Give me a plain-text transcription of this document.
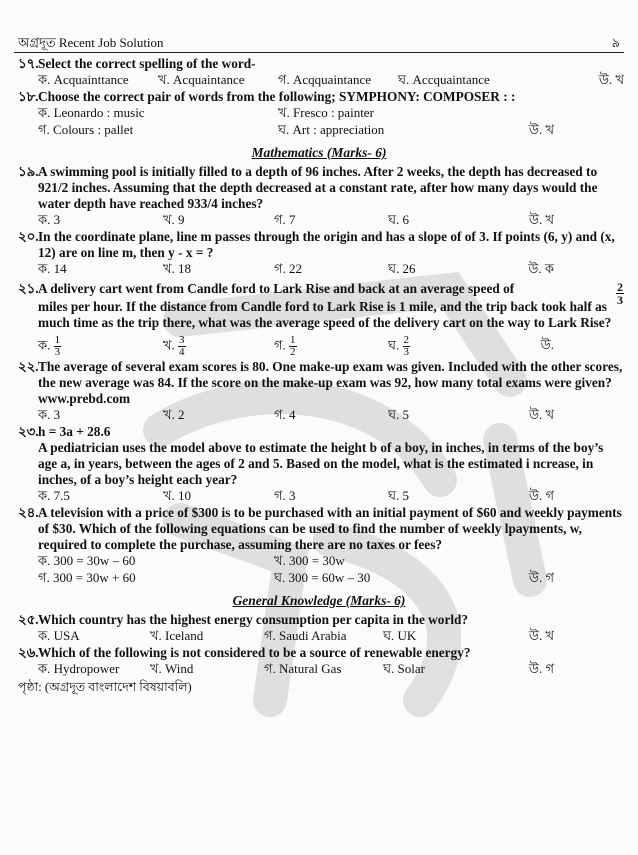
অগ্রদূত Recent Job Solution	৯
১৭. Select the correct spelling of the word-
ক. Acquainttance খ. Acquaintance	গ. Acqquaintance ঘ. Accquaintance	উ. খ
১৮. Choose the correct pair of words from the following; SYMPHONY: COMPOSER : :
ক. Leonardo : music	খ. Fresco : painter
গ. Colours : pallet	ঘ. Art : appreciation	উ. খ
Mathematics (Marks- 6)
১৯. A swimming pool is initially filled to a depth of 96 inches. After 2 weeks, the depth has decreased to 921/2 inches. Assuming that the depth decreased at a constant rate, after how many days would the water depth have reached 933/4 inches?
ক. 3	খ. 9	গ. 7	ঘ. 6	উ. খ
২০. In the coordinate plane, line m passes through the origin and has a slope of of 3. If points (6, y) and (x, 12) are on line m, then y - x = ?
ক. 14	খ. 18	গ. 22	ঘ. 26	উ. ক
২১. A delivery cart went from Candle ford to Lark Rise and back at an average speed of	$\frac{2}{3}$
miles per hour. If the distance from Candle ford to Lark Rise is 1 mile, and the trip back took half as much time as the trip there, what was the average speed of the delivery cart on the way to Lark Rise?
ক. $\frac{1}{3}$	খ. $\frac{3}{4}$	গ. $\frac{1}{2}$	ঘ. $\frac{2}{3}$	উ.
২২. The average of several exam scores is 80. One make-up exam was given. Included with the other scores, the new average was 84. If the score on the make-up exam was 92, how many total exams were given? www.prebd.com
ক. 3	খ. 2	গ. 4	ঘ. 5	উ. খ
২৩. h = 3a + 28.6
A pediatrician uses the model above to estimate the height b of a boy, in inches, in terms of the boy’s age a, in years, between the ages of 2 and 5. Based on the model, what is the estimated i ncrease, in inches, of a boy’s height each year?
ক. 7.5	খ. 10	গ. 3	ঘ. 5	উ. গ
২৪. A television with a price of $300 is to be purchased with an initial payment of $60 and weekly payments of $30. Which of the following equations can be used to find the number of weekly lpayments, w, required to complete the purchase, assuming there are no taxes or fees?
ক. 300 = 30w – 60	খ. 300 = 30w
গ. 300 = 30w + 60	ঘ. 300 = 60w – 30	উ. গ
General Knowledge (Marks- 6)
২৫. Which country has the highest energy consumption per capita in the world?
ক. USA	খ. Iceland	গ. Saudi Arabia	ঘ. UK	উ. খ
২৬. Which of the following is not considered to be a source of renewable energy?
ক. Hydropower খ. Wind	গ. Natural Gas	ঘ. Solar	উ. গ
পৃষ্ঠা: (অগ্রদূত বাংলাদেশ বিষয়াবলি)
